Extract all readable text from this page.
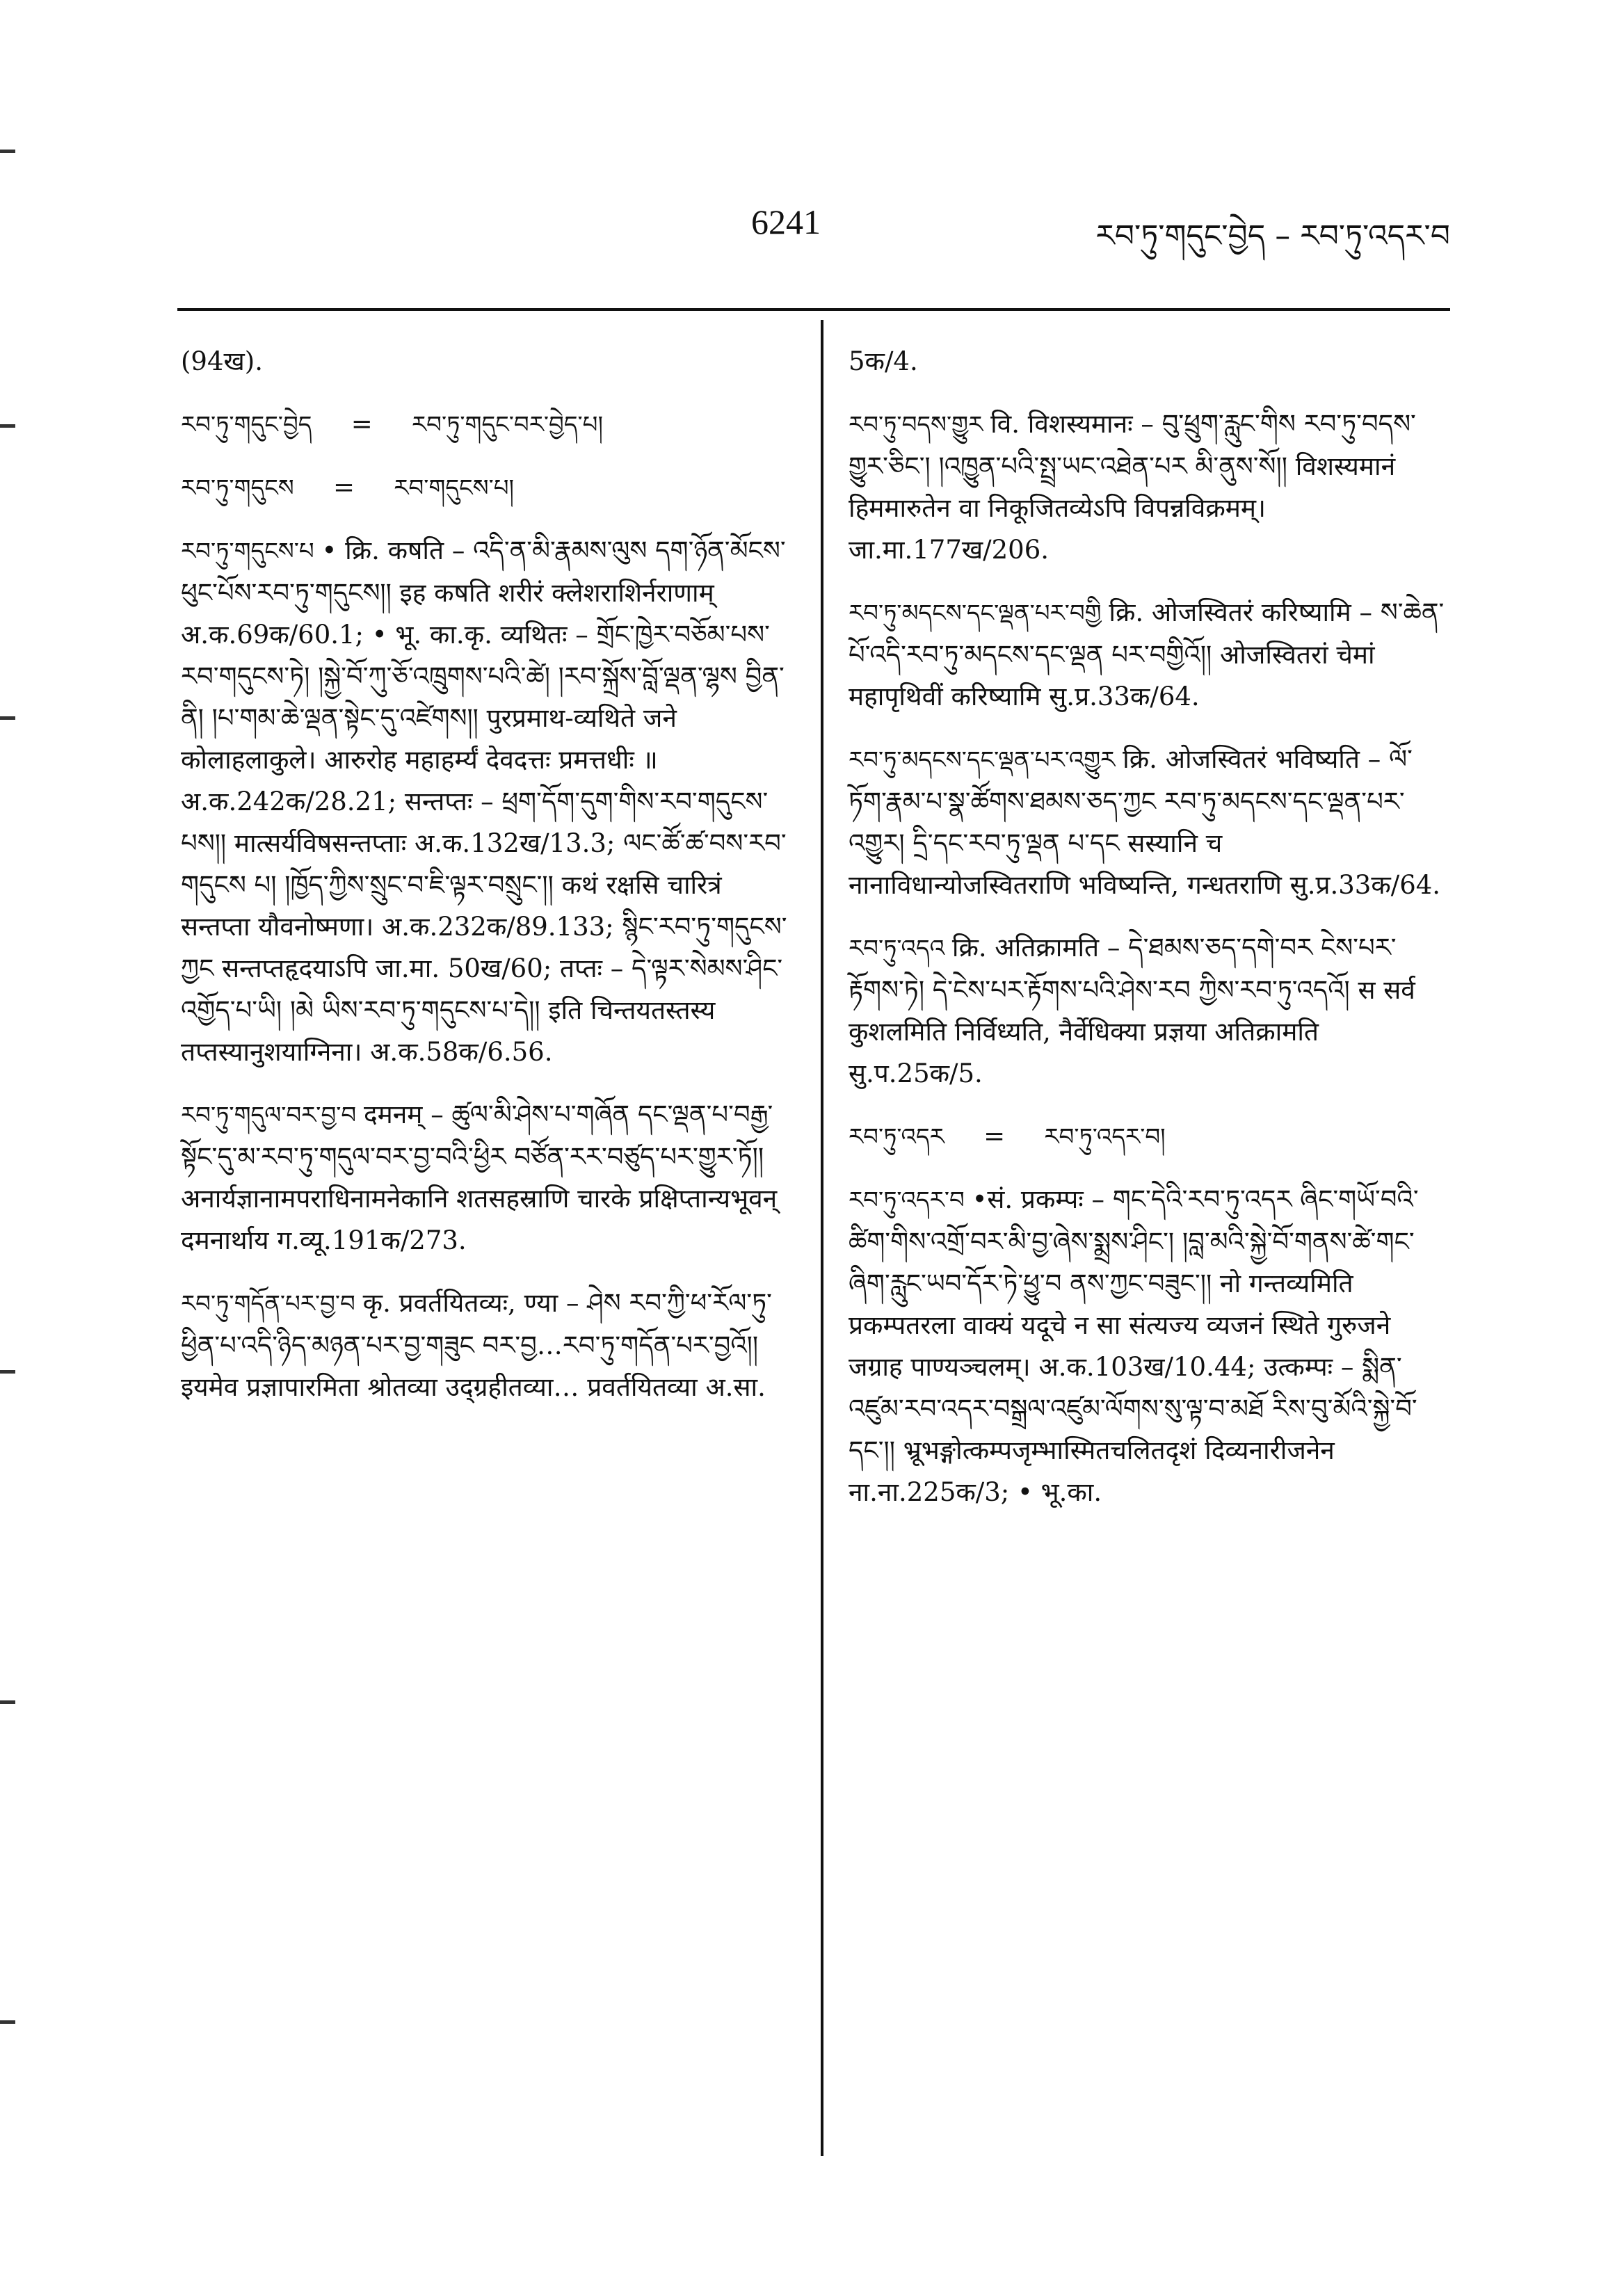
6241	རབ་ཏུ་གདུང་བྱེད – རབ་ཏུ་འདར་བ
(94ख).
རབ་ཏུ་གདུང་བྱེད = རབ་ཏུ་གདུང་བར་བྱེད་པ།
རབ་ཏུ་གདུངས = རབ་གདུངས་པ།
རབ་ཏུ་གདུངས་པ • क्रि. कषति – འདི་ན་མི་རྣམས་ལུས དག་ཉོན་མོངས་ཕུང་པོས་རབ་ཏུ་གདུངས།། इह कषति शरीरं क्लेशराशिर्नराणाम् अ.क.69क/60.1; • भू. का.कृ. व्यथितः – གྲོང་ཁྱེར་བཅོམ་པས་རབ་གདུངས་ཏེ། །སྐྱེ་བོ་ཀུ་ཅོ་འཁྲུགས་པའི་ཚེ། །རབ་སྐྲོས་བློ་ལྡན་ལྷས བྱིན་ནི། །པ་གམ་ཆེ་ལྡན་སྟེང་དུ་འཛེགས།། पुरप्रमाथ-व्यथिते जने कोलाहलाकुले। आरुरोह महाहर्म्यं देवदत्तः प्रमत्तधीः ॥ अ.क.242क/28.21; सन्तप्तः – ཕྲག་དོག་དུག་གིས་རབ་གདུངས་པས།། मात्सर्यविषसन्तप्ताः अ.क.132ख/13.3; ལང་ཚོ་ཚ་བས་རབ་གདུངས པ། །ཁྱོད་ཀྱིས་སྲུང་བ་ཇི་ལྟར་བསྲུང་།། कथं रक्षसि चारित्रं सन्तप्ता यौवनोष्मणा। अ.क.232क/89.133; སྙིང་རབ་ཏུ་གདུངས་ཀྱང सन्तप्तहृदयाऽपि जा.मा. 50ख/60; तप्तः – དེ་ལྟར་སེམས་ཤིང་འགྱོད་པ་ཡི། །མེ ཡིས་རབ་ཏུ་གདུངས་པ་དེ།། इति चिन्तयतस्तस्य तप्तस्यानुशयाग्निना। अ.क.58क/6.56.
རབ་ཏུ་གདུལ་བར་བྱ་བ दमनम् – ཚུལ་མི་ཤེས་པ་གཞོན དང་ལྡན་པ་བརྒྱ་སྟོང་དུ་མ་རབ་ཏུ་གདུལ་བར་བྱ་བའི་ཕྱིར བཙོན་རར་བཙུད་པར་གྱུར་ཏོ།། अनार्यज्ञानामपराधिनामनेकानि शतसहस्राणि चारके प्रक्षिप्तान्यभूवन् दमनार्थाय ग.व्यू.191क/273.
རབ་ཏུ་གདོན་པར་བྱ་བ कृ. प्रवर्तयितव्यः, ण्या – ཤེས རབ་ཀྱི་ཕ་རོལ་ཏུ་ཕྱིན་པ་འདི་ཉིད་མཉན་པར་བྱ་གཟུང བར་བྱ…རབ་ཏུ་གདོན་པར་བྱའོ།། इयमेव प्रज्ञापारमिता श्रोतव्या उद्ग्रहीतव्या… प्रवर्तयितव्या अ.सा.
5क/4.
རབ་ཏུ་བདས་གྱུར वि. विशस्यमानः – བུ་ཕྲུག་རླུང་གིས རབ་ཏུ་བདས་གྱུར་ཅིང་། །འཁྱུན་པའི་སྤྲ་ཡང་འཐེན་པར མི་ནུས་སོ།། विशस्यमानं हिममारुतेन वा निकूजितव्येऽपि विपन्नविक्रमम्। जा.मा.177ख/206.
རབ་ཏུ་མདངས་དང་ལྡན་པར་བགྱི क्रि. ओजस्वितरं करिष्यामि – ས་ཆེན་པོ་འདི་རབ་ཏུ་མདངས་དང་ལྡན པར་བགྱིའོ།། ओजस्वितरां चेमां महापृथिवीं करिष्यामि सु.प्र.33क/64.
རབ་ཏུ་མདངས་དང་ལྡན་པར་འགྱུར क्रि. ओजस्वितरं भविष्यति – ལོ་ཏོག་རྣམ་པ་སྣ་ཚོགས་ཐམས་ཅད་ཀྱང རབ་ཏུ་མདངས་དང་ལྡན་པར་འགྱུར། དྲི་དང་རབ་ཏུ་ལྡན པ་དང सस्यानि च नानाविधान्योजस्वितराणि भविष्यन्ति, गन्धतराणि सु.प्र.33क/64.
རབ་ཏུ་འདའ क्रि. अतिक्रामति – དེ་ཐམས་ཅད་དགེ་བར ངེས་པར་རྟོགས་ཏེ། དེ་ངེས་པར་རྟོགས་པའི་ཤེས་རབ ཀྱིས་རབ་ཏུ་འདའོ། स सर्व कुशलमिति निर्विध्यति, नैर्वेधिक्या प्रज्ञया अतिक्रामति सु.प.25क/5.
རབ་ཏུ་འདར = རབ་ཏུ་འདར་བ།
རབ་ཏུ་འདར་བ •सं. प्रकम्पः – གང་དེའི་རབ་ཏུ་འདར ཞིང་གཡོ་བའི་ཚིག་གིས་འགྲོ་བར་མི་བྱ་ཞེས་སྨྲས་ཤིང་། །བླ་མའི་སྐྱེ་བོ་གནས་ཚེ་གང་ཞིག་རླུང་ཡབ་དོར་ཏེ་ཕྱུ་བ ནས་ཀྱང་བཟུང་།། नो गन्तव्यमिति प्रकम्पतरला वाक्यं यदूचे न सा संत्यज्य व्यजनं स्थिते गुरुजने जग्राह पाण्यञ्चलम्। अ.क.103ख/10.44; उत्कम्पः – སྨིན་འཛུམ་རབ་འདར་བསྒྲལ་འཛུམ་ལོགས་སུ་ལྟ་བ་མཐོ རིས་བུ་མོའི་སྐྱེ་བོ་དང་།། भ्रूभङ्गोत्कम्पजृम्भास्मितचलितदृशं दिव्यनारीजनेन ना.ना.225क/3; • भू.का.
